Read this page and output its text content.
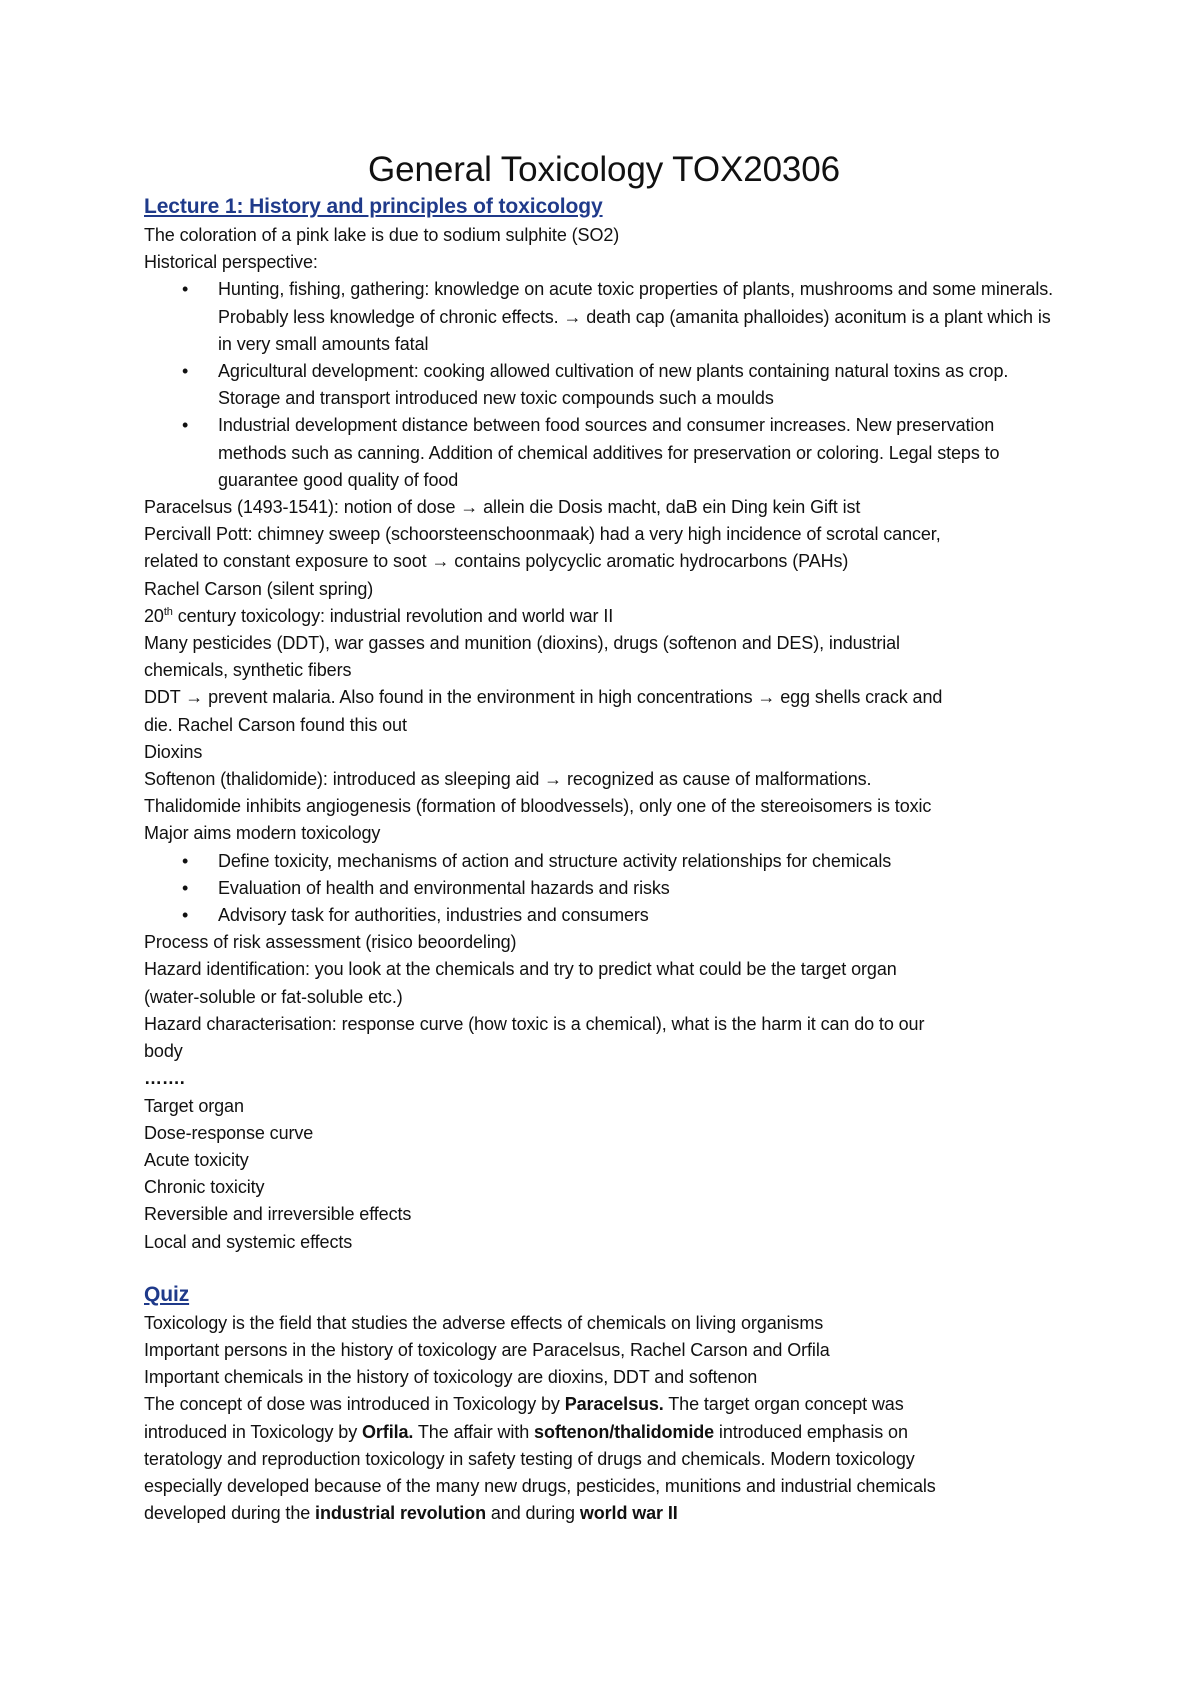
General Toxicology TOX20306
Lecture 1: History and principles of toxicology

The coloration of a pink lake is due to sodium sulphite (SO2)

Historical perspective:

• Hunting, fishing, gathering: knowledge on acute toxic properties of plants, mushrooms and some minerals. Probably less knowledge of chronic effects. → death cap (amanita phalloides) aconitum is a plant which is in very small amounts fatal
• Agricultural development: cooking allowed cultivation of new plants containing natural toxins as crop. Storage and transport introduced new toxic compounds such a moulds
• Industrial development distance between food sources and consumer increases. New preservation methods such as canning. Addition of chemical additives for preservation or coloring. Legal steps to guarantee good quality of food

Paracelsus (1493-1541): notion of dose → allein die Dosis macht, daB ein Ding kein Gift ist

Percivall Pott: chimney sweep (schoorsteenschoonmaak) had a very high incidence of scrotal cancer,

related to constant exposure to soot → contains polycyclic aromatic hydrocarbons (PAHs)

Rachel Carson (silent spring)

20th century toxicology: industrial revolution and world war II

Many pesticides (DDT), war gasses and munition (dioxins), drugs (softenon and DES), industrial

chemicals, synthetic fibers

DDT → prevent malaria. Also found in the environment in high concentrations → egg shells crack and

die. Rachel Carson found this out

Dioxins

Softenon (thalidomide): introduced as sleeping aid → recognized as cause of malformations.

Thalidomide inhibits angiogenesis (formation of bloodvessels), only one of the stereoisomers is toxic

Major aims modern toxicology

• Define toxicity, mechanisms of action and structure activity relationships for chemicals
• Evaluation of health and environmental hazards and risks
• Advisory task for authorities, industries and consumers

Process of risk assessment (risico beoordeling)

Hazard identification: you look at the chemicals and try to predict what could be the target organ

(water-soluble or fat-soluble etc.)

Hazard characterisation: response curve (how toxic is a chemical), what is the harm it can do to our

body

…….

Target organ

Dose-response curve

Acute toxicity

Chronic toxicity

Reversible and irreversible effects

Local and systemic effects

Quiz

Toxicology is the field that studies the adverse effects of chemicals on living organisms

Important persons in the history of toxicology are Paracelsus, Rachel Carson and Orfila

Important chemicals in the history of toxicology are dioxins, DDT and softenon

The concept of dose was introduced in Toxicology by Paracelsus. The target organ concept was

introduced in Toxicology by Orfila. The affair with softenon/thalidomide introduced emphasis on

teratology and reproduction toxicology in safety testing of drugs and chemicals. Modern toxicology

especially developed because of the many new drugs, pesticides, munitions and industrial chemicals

developed during the industrial revolution and during world war II
